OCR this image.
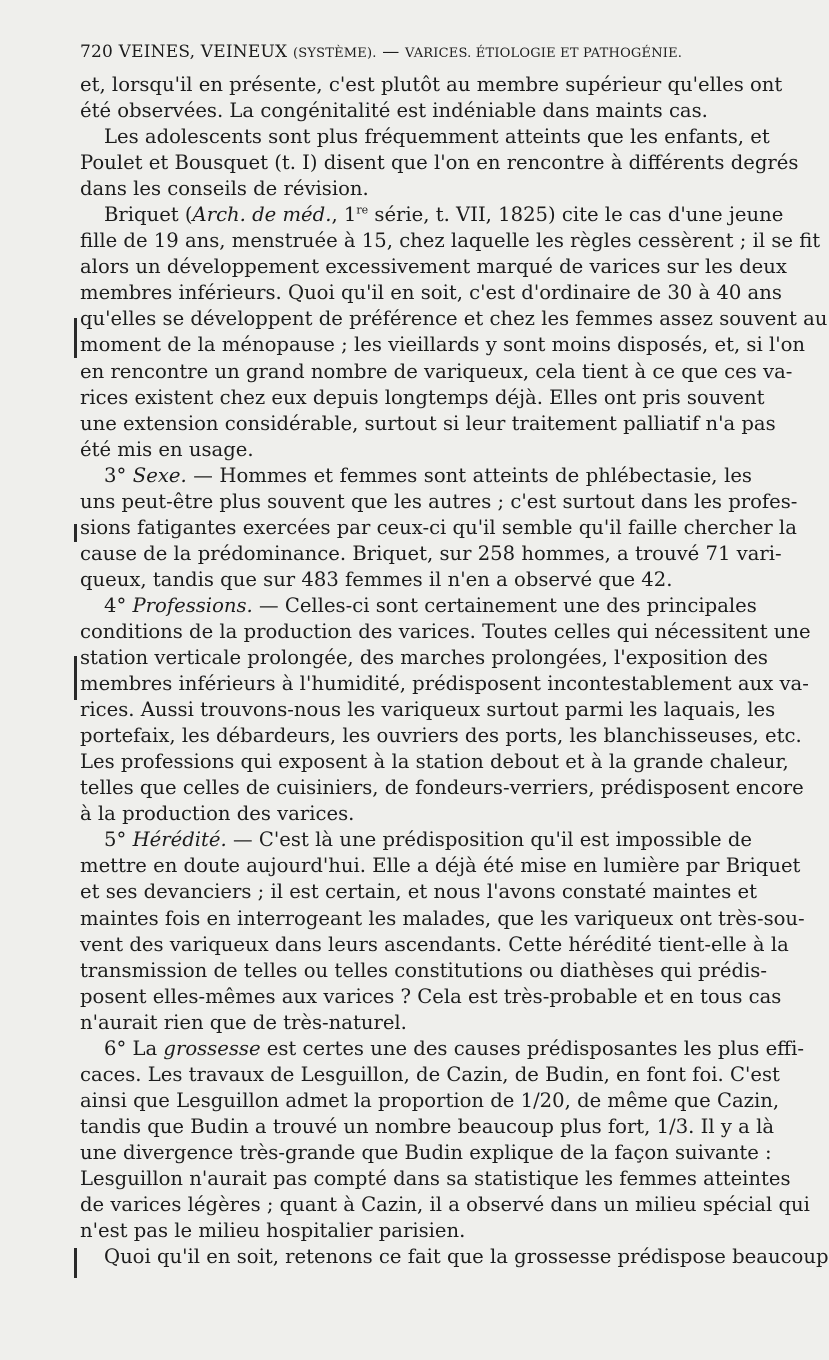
720 VEINES, VEINEUX (SYSTÈME). — VARICES. ÉTIOLOGIE ET PATHOGÉNIE.
et, lorsqu'il en présente, c'est plutôt au membre supérieur qu'elles ont
été observées. La congénitalité est indéniable dans maints cas.
Les adolescents sont plus fréquemment atteints que les enfants, et
Poulet et Bousquet (t. I) disent que l'on en rencontre à différents degrés
dans les conseils de révision.
Briquet (Arch. de méd., 1re série, t. VII, 1825) cite le cas d'une jeune
fille de 19 ans, menstruée à 15, chez laquelle les règles cessèrent ; il se fit
alors un développement excessivement marqué de varices sur les deux
membres inférieurs. Quoi qu'il en soit, c'est d'ordinaire de 30 à 40 ans
qu'elles se développent de préférence et chez les femmes assez souvent au
moment de la ménopause ; les vieillards y sont moins disposés, et, si l'on
en rencontre un grand nombre de variqueux, cela tient à ce que ces va-
rices existent chez eux depuis longtemps déjà. Elles ont pris souvent
une extension considérable, surtout si leur traitement palliatif n'a pas
été mis en usage.
3° Sexe. — Hommes et femmes sont atteints de phlébectasie, les
uns peut-être plus souvent que les autres ; c'est surtout dans les profes-
sions fatigantes exercées par ceux-ci qu'il semble qu'il faille chercher la
cause de la prédominance. Briquet, sur 258 hommes, a trouvé 71 vari-
queux, tandis que sur 483 femmes il n'en a observé que 42.
4° Professions. — Celles-ci sont certainement une des principales
conditions de la production des varices. Toutes celles qui nécessitent une
station verticale prolongée, des marches prolongées, l'exposition des
membres inférieurs à l'humidité, prédisposent incontestablement aux va-
rices. Aussi trouvons-nous les variqueux surtout parmi les laquais, les
portefaix, les débardeurs, les ouvriers des ports, les blanchisseuses, etc.
Les professions qui exposent à la station debout et à la grande chaleur,
telles que celles de cuisiniers, de fondeurs-verriers, prédisposent encore
à la production des varices.
5° Hérédité. — C'est là une prédisposition qu'il est impossible de
mettre en doute aujourd'hui. Elle a déjà été mise en lumière par Briquet
et ses devanciers ; il est certain, et nous l'avons constaté maintes et
maintes fois en interrogeant les malades, que les variqueux ont très-sou-
vent des variqueux dans leurs ascendants. Cette hérédité tient-elle à la
transmission de telles ou telles constitutions ou diathèses qui prédis-
posent elles-mêmes aux varices ? Cela est très-probable et en tous cas
n'aurait rien que de très-naturel.
6° La grossesse est certes une des causes prédisposantes les plus effi-
caces. Les travaux de Lesguillon, de Cazin, de Budin, en font foi. C'est
ainsi que Lesguillon admet la proportion de 1/20, de même que Cazin,
tandis que Budin a trouvé un nombre beaucoup plus fort, 1/3. Il y a là
une divergence très-grande que Budin explique de la façon suivante :
Lesguillon n'aurait pas compté dans sa statistique les femmes atteintes
de varices légères ; quant à Cazin, il a observé dans un milieu spécial qui
n'est pas le milieu hospitalier parisien.
Quoi qu'il en soit, retenons ce fait que la grossesse prédispose beaucoup
